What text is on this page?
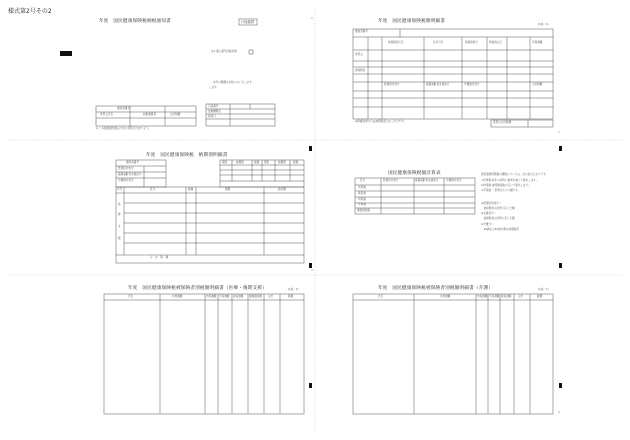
様式第2号その2
1
2
3
4
年度　国民健康保険税納税通知書	口座振替
注1 個人番号記載有無
本年の税額をお知らせいたします。
します。
通知書番号
世帯主氏名	納税義務者	合計税額
口座番号
金融機関名
振替日
※ この納税通知書は大切に保管されますよう。
年度　国民健康保険税額明細書
(1枚／1)
通知書番号
被保険者氏名	生年月日	資格取得日	資格喪失日	所得割額
世帯主
被保険者
医療給付費分	後期高齢者支援金分	介護納付金分	合計税額
※資格取得の日は被保険者となった日です。	世帯の合計税額
年度　国民健康保険税　納期別明細書
期別	納期限	税額 期別	納期限	税額
通知書番号
医療給付費分
後期高齢者支援金分
介護納付金分
年月	区分	税額	摘要	納付額
医
療
支
援
合　計　税　額
国民健康保険税額計算表
区分	医療給付費分	後期高齢者支援金分	介護納付金分
所得割
資産割
均等割
平等割
課税限度額
国民健康保険税の課税については、次の表のとおりです。
①所得割 前年の所得に税率を乗じて算出します。
②均等割 被保険者数に応じて算出します。
③平等割 一世帯あたりの額です。
※医療給付費分＝
　被保険者の所得に応じた額
※支援金分＝
　被保険者の所得に応じた額
※介護分＝
　40歳以上65歳未満の被保険者
年度　国民健康保険税被保険者別税額明細書（医療・後期支援）	(1枚／1)
氏名	所得割額	均等割額 平等割額 資産割額 課税限度額 合計	税額
年度　国民健康保険税被保険者別税額明細書（介護）	(1枚／1)
氏名	所得割額	均等割額 平等割額 資産割額	合計	税額
